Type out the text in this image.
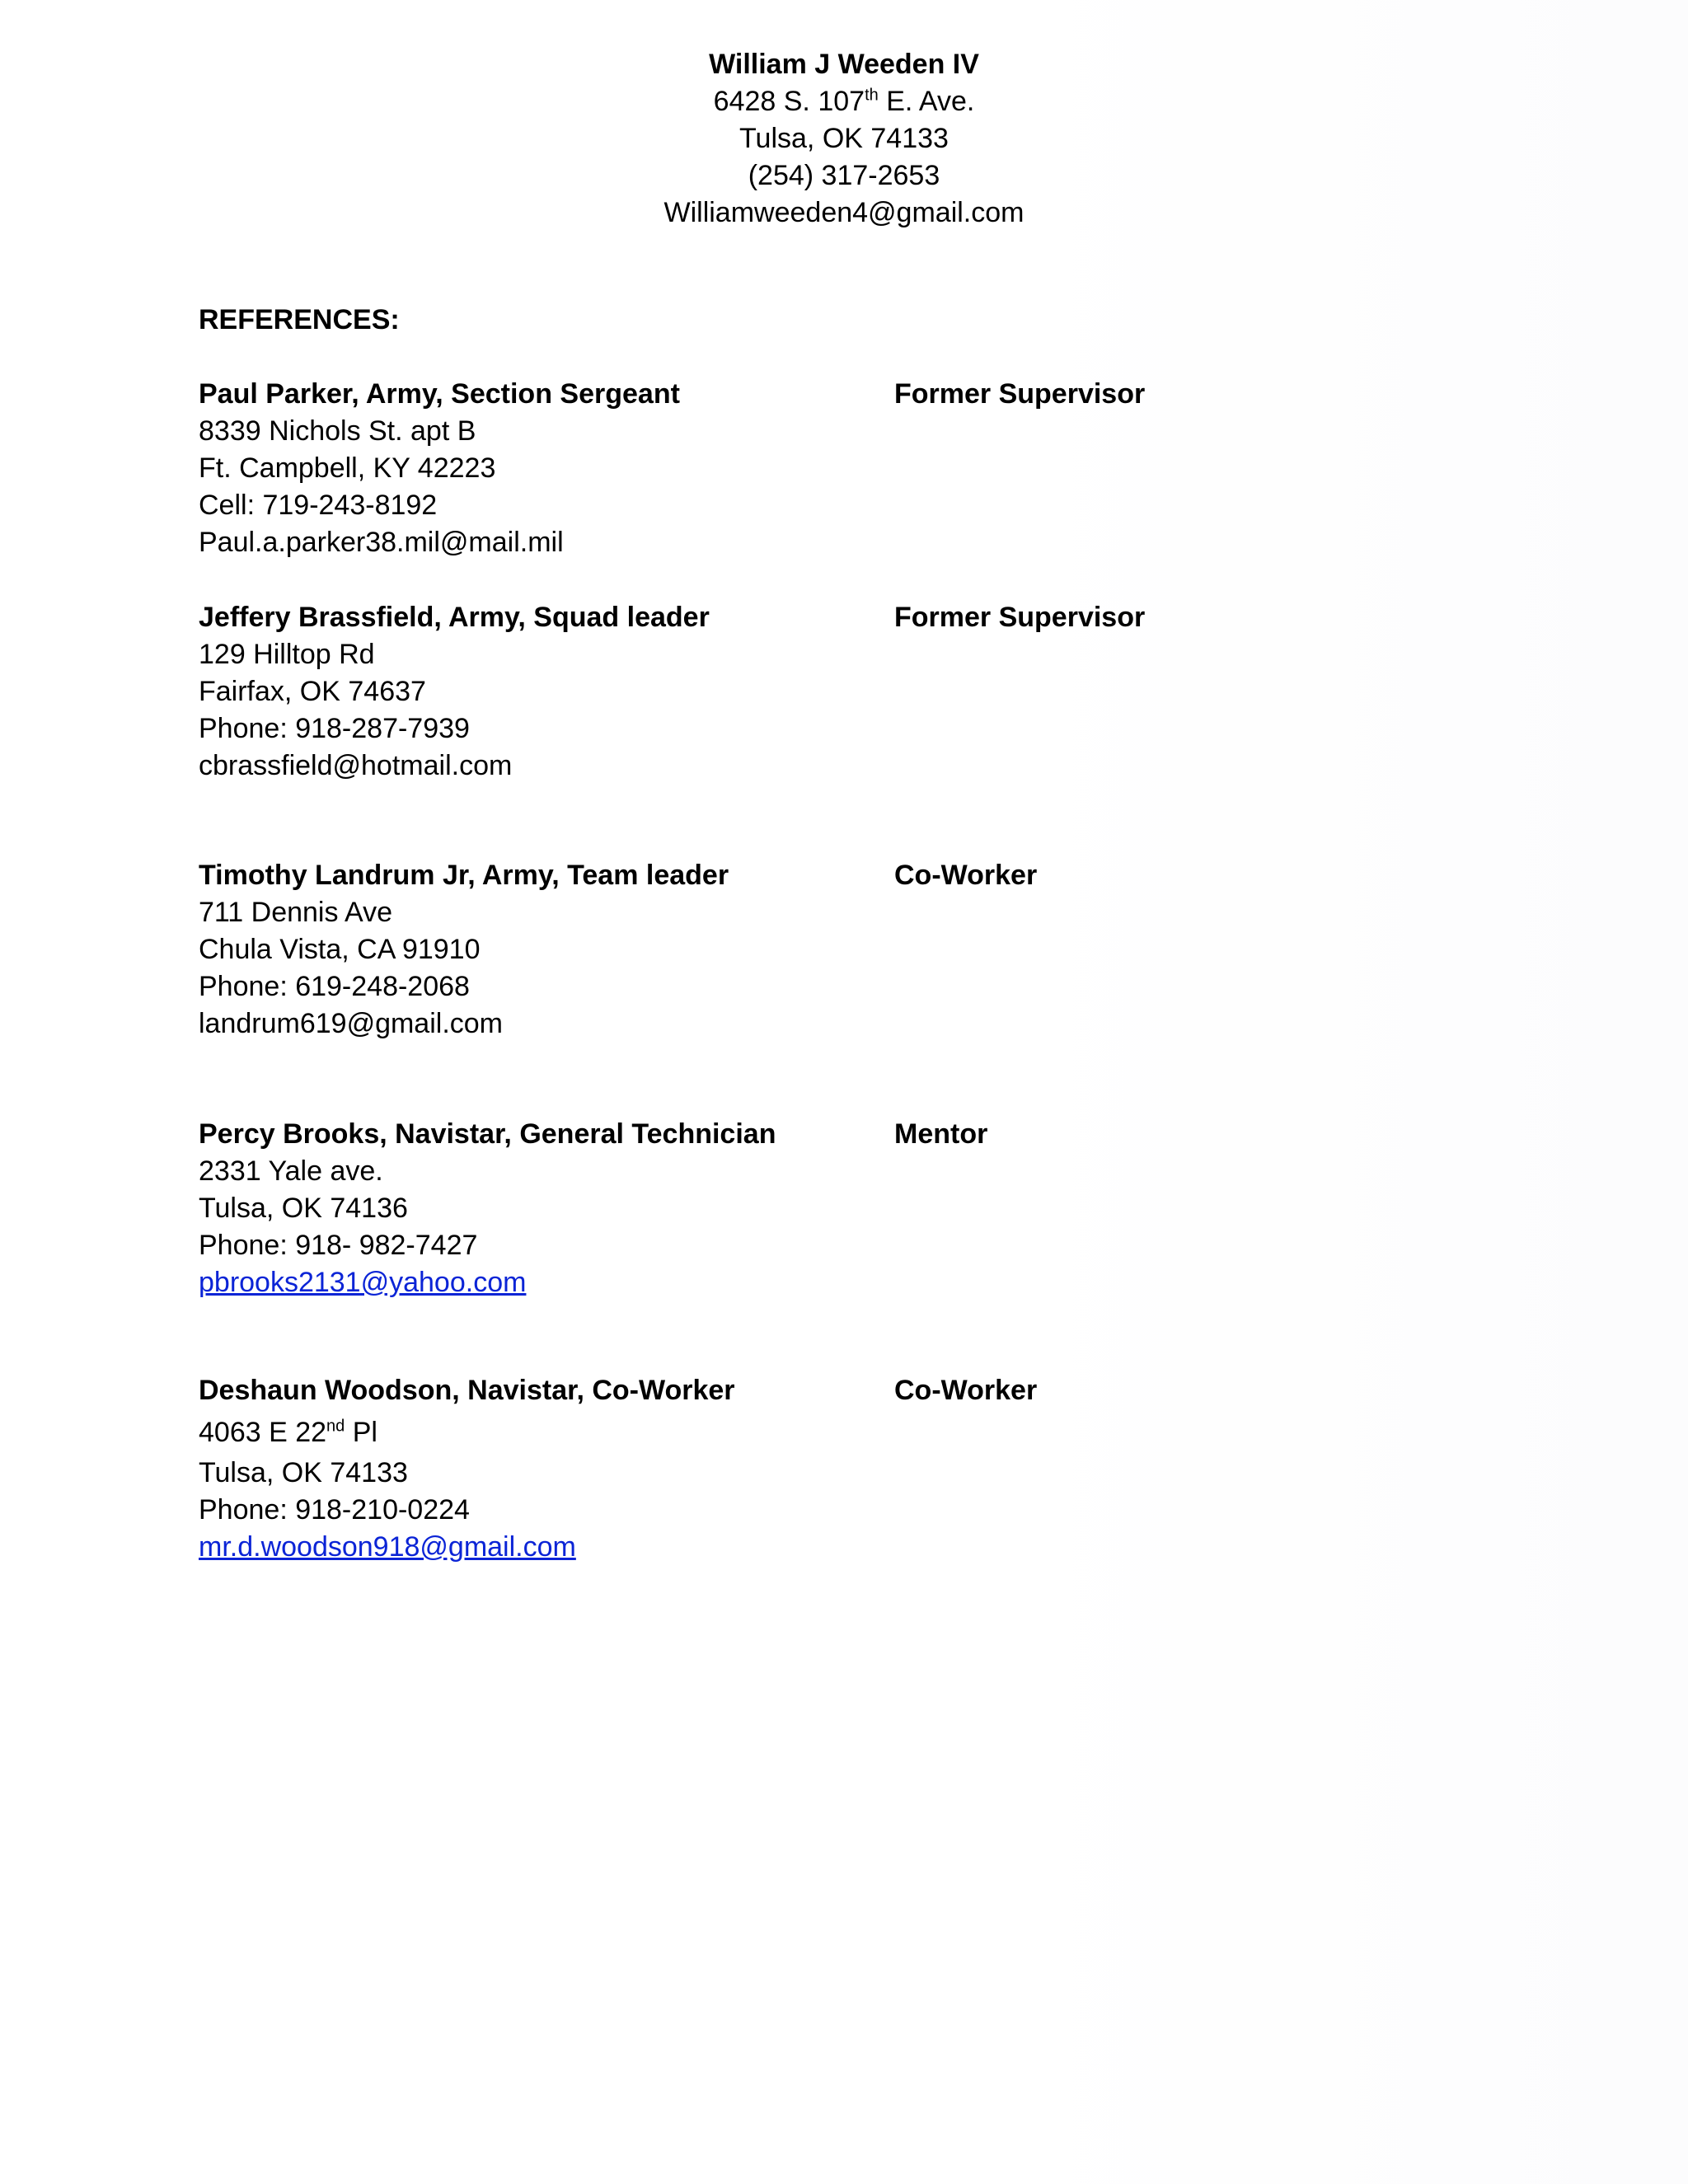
William J Weeden IV
6428 S. 107th E. Ave.
Tulsa, OK 74133
(254) 317-2653
Williamweeden4@gmail.com
REFERENCES:
Paul Parker, Army, Section Sergeant	Former Supervisor
8339 Nichols St. apt B
Ft. Campbell, KY 42223
Cell: 719-243-8192
Paul.a.parker38.mil@mail.mil
Jeffery Brassfield, Army, Squad leader	Former Supervisor
129 Hilltop Rd
Fairfax, OK 74637
Phone: 918-287-7939
cbrassfield@hotmail.com
Timothy Landrum Jr, Army, Team leader	Co-Worker
711 Dennis Ave
Chula Vista, CA 91910
Phone: 619-248-2068
landrum619@gmail.com
Percy Brooks, Navistar, General Technician	Mentor
2331 Yale ave.
Tulsa, OK 74136
Phone: 918- 982-7427
pbrooks2131@yahoo.com
Deshaun Woodson, Navistar, Co-Worker	Co-Worker
4063 E 22nd Pl
Tulsa, OK 74133
Phone: 918-210-0224
mr.d.woodson918@gmail.com
